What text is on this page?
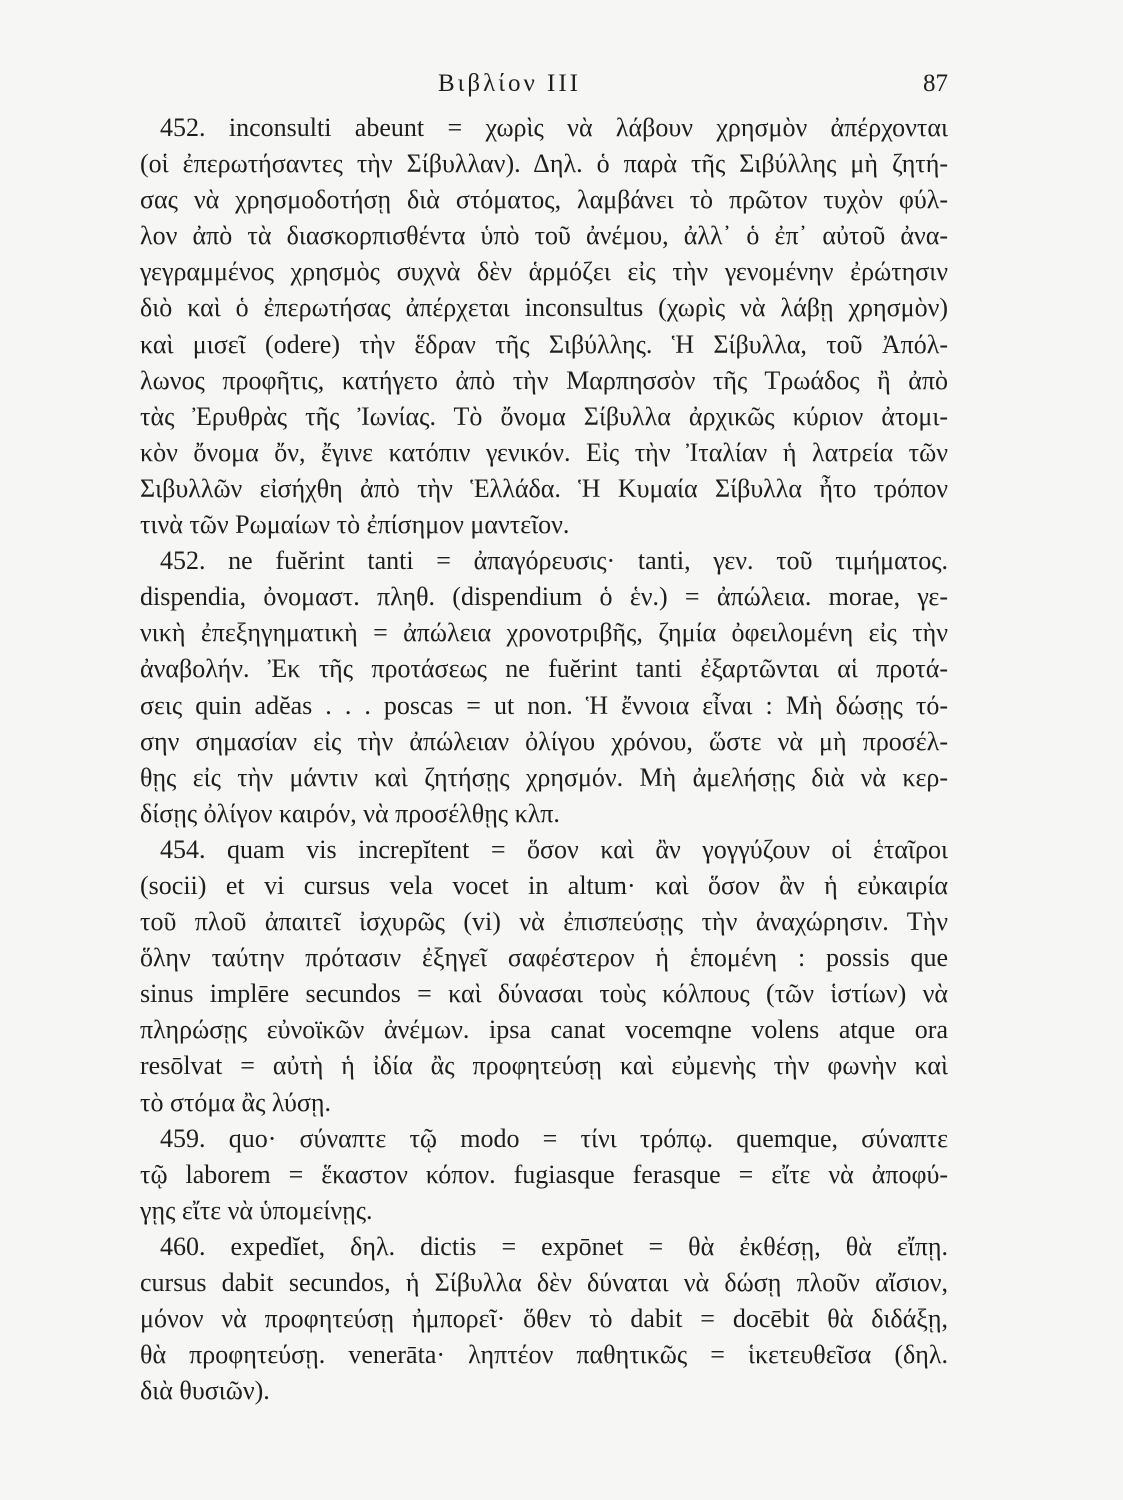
Βιβλίον III	87
452. inconsulti abeunt = χωρὶς νὰ λάβουν χρησμὸν ἀπέρχονται
(οἱ ἐπερωτήσαντες τὴν Σίβυλλαν). Δηλ. ὁ παρὰ τῆς Σιβύλλης μὴ ζητή-
σας νὰ χρησμοδοτήσῃ διὰ στόματος, λαμβάνει τὸ πρῶτον τυχὸν φύλ-
λον ἀπὸ τὰ διασκορπισθέντα ὑπὸ τοῦ ἀνέμου, ἀλλ᾽ ὁ ἐπ᾽ αὐτοῦ ἀνα-
γεγραμμένος χρησμὸς συχνὰ δὲν ἁρμόζει εἰς τὴν γενομένην ἐρώτησιν
διὸ καὶ ὁ ἐπερωτήσας ἀπέρχεται inconsultus (χωρὶς νὰ λάβῃ χρησμὸν)
καὶ μισεῖ (odere) τὴν ἕδραν τῆς Σιβύλλης. Ἡ Σίβυλλα, τοῦ Ἀπόλ-
λωνος προφῆτις, κατήγετο ἀπὸ τὴν Μαρπησσὸν τῆς Τρωάδος ἢ ἀπὸ
τὰς Ἐρυθρὰς τῆς Ἰωνίας. Τὸ ὄνομα Σίβυλλα ἀρχικῶς κύριον ἀτομι-
κὸν ὄνομα ὄν, ἔγινε κατόπιν γενικόν. Εἰς τὴν Ἰταλίαν ἡ λατρεία τῶν
Σιβυλλῶν εἰσήχθη ἀπὸ τὴν Ἑλλάδα. Ἡ Κυμαία Σίβυλλα ἦτο τρόπον
τινὰ τῶν Ρωμαίων τὸ ἐπίσημον μαντεῖον.
452. ne fuĕrint tanti = ἀπαγόρευσις· tanti, γεν. τοῦ τιμήματος.
dispendia, ὀνομαστ. πληθ. (dispendium ὁ ἑν.) = ἀπώλεια. morae, γε-
νικὴ ἐπεξηγηματικὴ = ἀπώλεια χρονοτριβῆς, ζημία ὀφειλομένη εἰς τὴν
ἀναβολήν. Ἐκ τῆς προτάσεως ne fuĕrint tanti ἐξαρτῶνται αἱ προτά-
σεις quin adĕas . . . poscas = ut non. Ἡ ἔννοια εἶναι : Μὴ δώσῃς τό-
σην σημασίαν εἰς τὴν ἀπώλειαν ὀλίγου χρόνου, ὥστε νὰ μὴ προσέλ-
θῃς εἰς τὴν μάντιν καὶ ζητήσῃς χρησμόν. Μὴ ἀμελήσῃς διὰ νὰ κερ-
δίσῃς ὀλίγον καιρόν, νὰ προσέλθῃς κλπ.
454. quam vis increpĭtent = ὅσον καὶ ἂν γογγύζουν οἱ ἑταῖροι
(socii) et vi cursus vela vocet in altum· καὶ ὅσον ἂν ἡ εὐκαιρία
τοῦ πλοῦ ἀπαιτεῖ ἰσχυρῶς (vi) νὰ ἐπισπεύσῃς τὴν ἀναχώρησιν. Τὴν
ὅλην ταύτην πρότασιν ἐξηγεῖ σαφέστερον ἡ ἑπομένη : possis que
sinus implēre secundos = καὶ δύνασαι τοὺς κόλπους (τῶν ἱστίων) νὰ
πληρώσῃς εὐνοϊκῶν ἀνέμων. ipsa canat vocemqne volens atque ora
resōlvat = αὐτὴ ἡ ἰδία ἂς προφητεύσῃ καὶ εὐμενὴς τὴν φωνὴν καὶ
τὸ στόμα ἂς λύσῃ.
459. quo· σύναπτε τῷ modo = τίνι τρόπῳ. quemque, σύναπτε
τῷ laborem = ἕκαστον κόπον. fugiasque ferasque = εἴτε νὰ ἀποφύ-
γῃς εἴτε νὰ ὑπομείνῃς.
460. expedĭet, δηλ. dictis = expōnet = θὰ ἐκθέσῃ, θὰ εἴπῃ.
cursus dabit secundos, ἡ Σίβυλλα δὲν δύναται νὰ δώσῃ πλοῦν αἴσιον,
μόνον νὰ προφητεύσῃ ἠμπορεῖ· ὅθεν τὸ dabit = docēbit θὰ διδάξῃ,
θὰ προφητεύσῃ. venerāta· ληπτέον παθητικῶς = ἱκετευθεῖσα (δηλ.
διὰ θυσιῶν).
